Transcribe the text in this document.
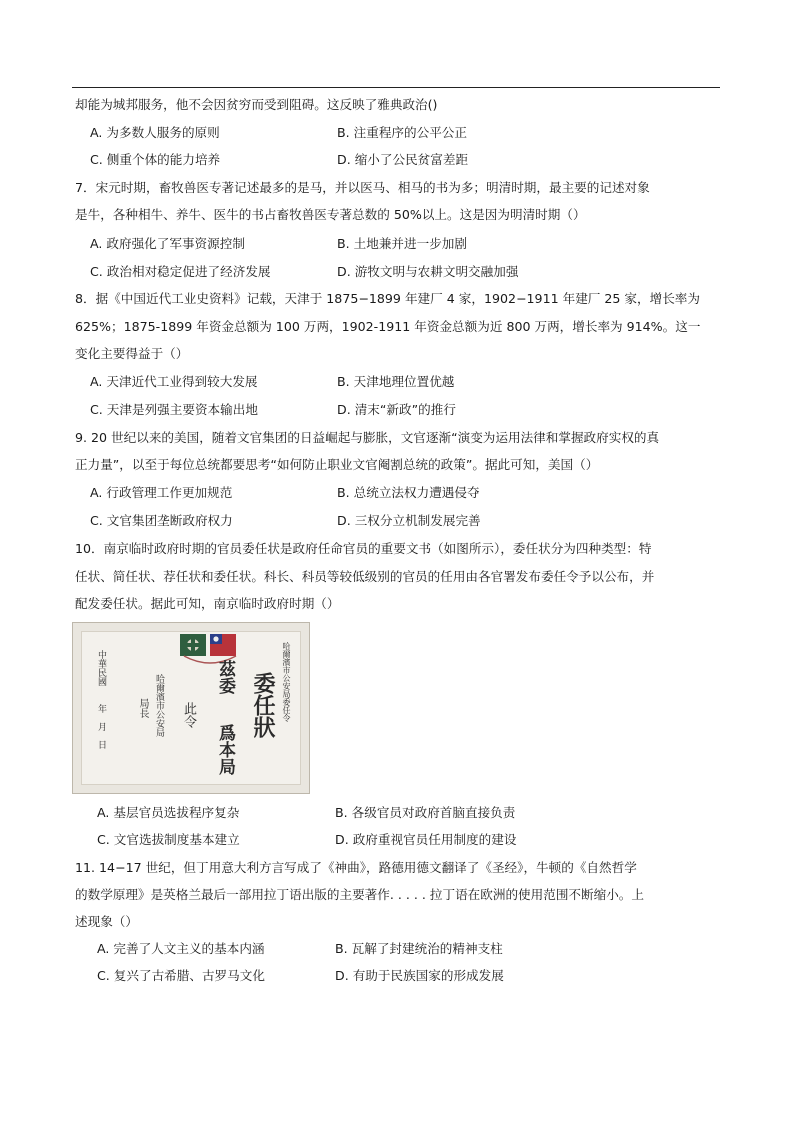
却能为城邦服务，他不会因贫穷而受到阻碍。这反映了雅典政治()
A. 为多数人服务的原则	B. 注重程序的公平公正
C. 侧重个体的能力培养	D. 缩小了公民贫富差距
7．宋元时期，畜牧兽医专著记述最多的是马，并以医马、相马的书为多；明清时期，最主要的记述对象
是牛，各种相牛、养牛、医牛的书占畜牧兽医专著总数的 50%以上。这是因为明清时期（）
A. 政府强化了军事资源控制	B. 土地兼并进一步加剧
C. 政治相对稳定促进了经济发展	D. 游牧文明与农耕文明交融加强
8．据《中国近代工业史资料》记载，天津于 1875−1899 年建厂 4 家，1902−1911 年建厂 25 家，增长率为
625%；1875-1899 年资金总额为 100 万两，1902-1911 年资金总额为近 800 万两，增长率为 914%。这一
变化主要得益于（）
A. 天津近代工业得到较大发展	B. 天津地理位置优越
C. 天津是列强主要资本输出地	D. 清末“新政”的推行
9. 20 世纪以来的美国，随着文官集团的日益崛起与膨胀，文官逐渐“演变为运用法律和掌握政府实权的真
正力量”，以至于每位总统都要思考“如何防止职业文官阉割总统的政策”。据此可知，美国（）
A. 行政管理工作更加规范	B. 总统立法权力遭遇侵夺
C. 文官集团垄断政府权力	D. 三权分立机制发展完善
10．南京临时政府时期的官员委任状是政府任命官员的重要文书（如图所示），委任状分为四种类型：特
任状、简任状、荐任状和委任状。科长、科员等较低级别的官员的任用由各官署发布委任令予以公布，并
配发委任状。据此可知，南京临时政府时期（）
委任狀
茲委
爲本局
此令
哈爾濱市公安局
局長
中華民國
年　月　日
哈爾濱市公安局委任令
A. 基层官员选拔程序复杂	B. 各级官员对政府首脑直接负责
C. 文官选拔制度基本建立	D. 政府重视官员任用制度的建设
11. 14−17 世纪，但丁用意大利方言写成了《神曲》，路德用德文翻译了《圣经》，牛顿的《自然哲学
的数学原理》是英格兰最后一部用拉丁语出版的主要著作. . . . . 拉丁语在欧洲的使用范围不断缩小。上
述现象（）
A. 完善了人文主义的基本内涵	B. 瓦解了封建统治的精神支柱
C. 复兴了古希腊、古罗马文化	D. 有助于民族国家的形成发展
